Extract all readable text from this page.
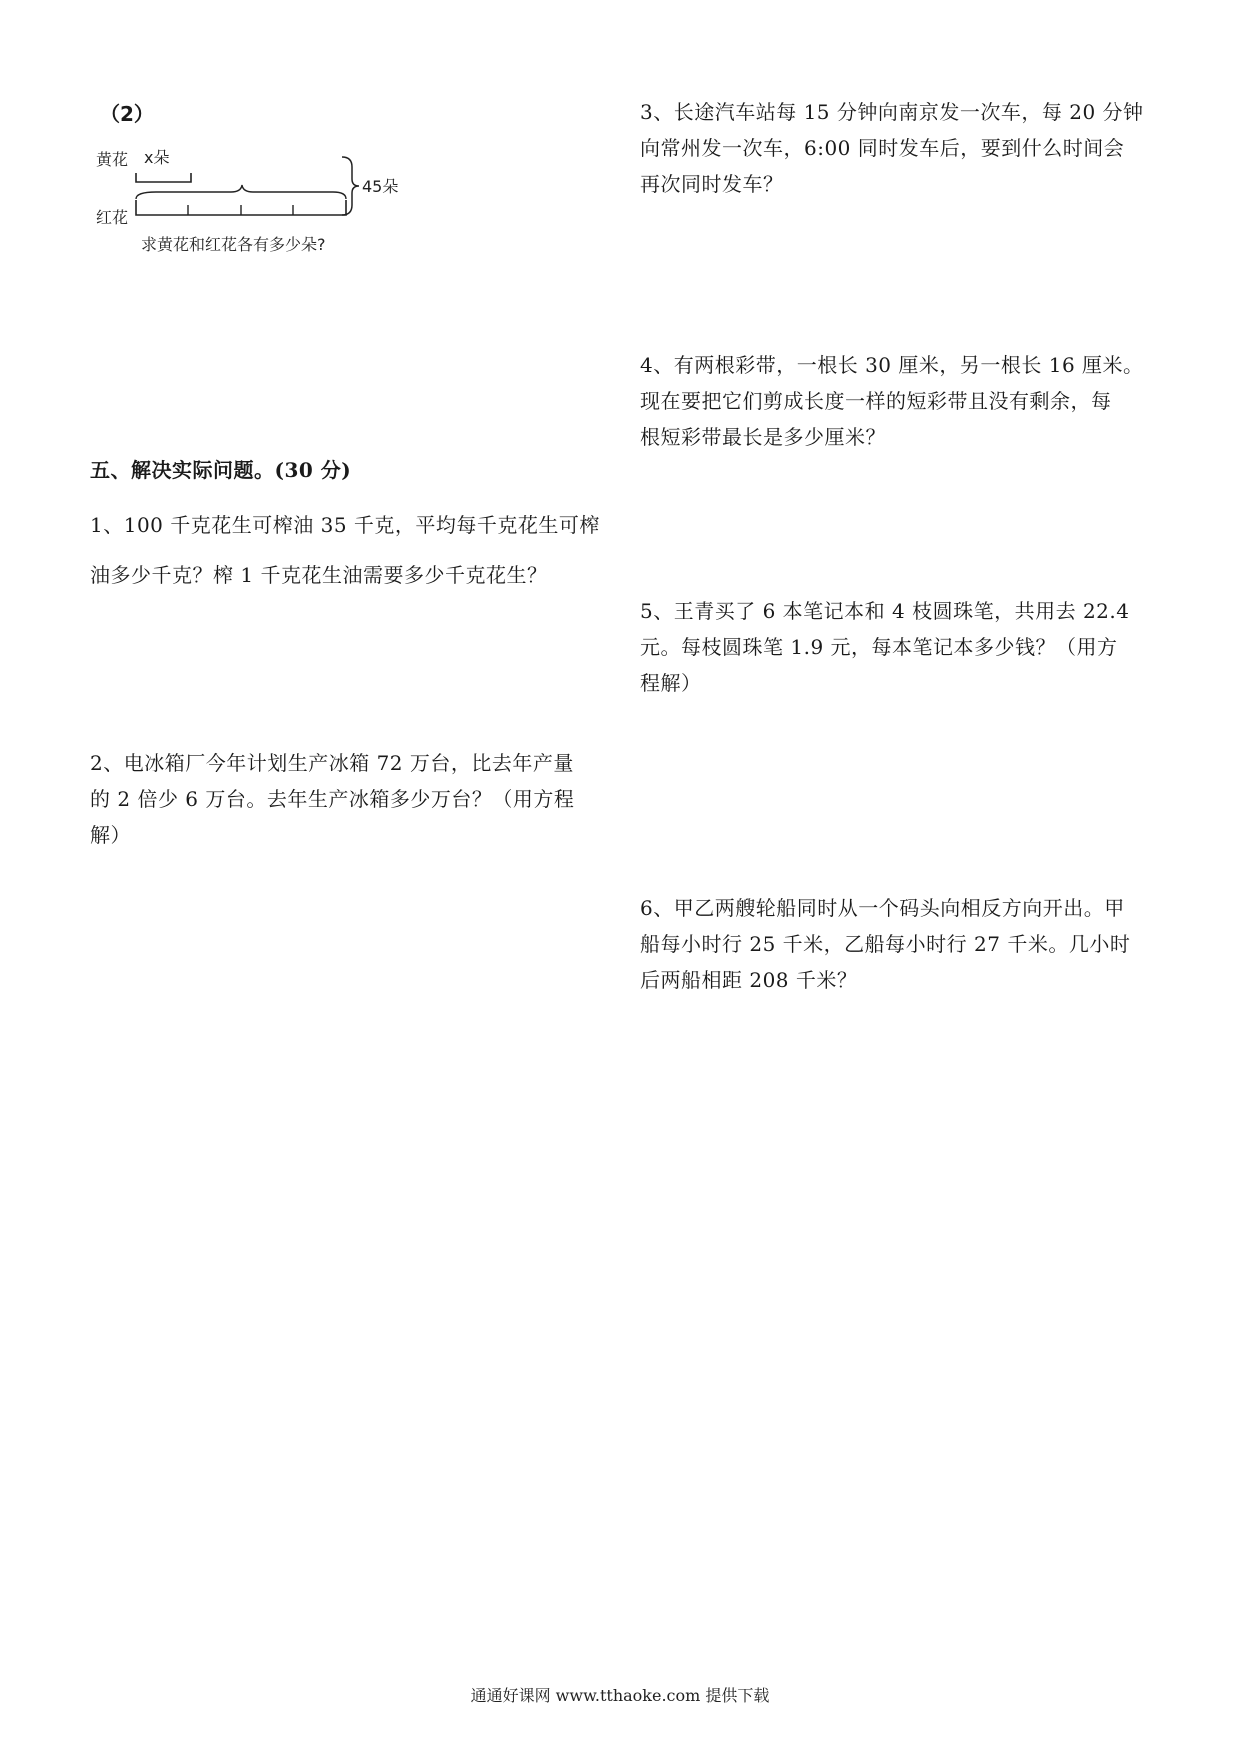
（2）
黄花 x朵
45朵
红花
求黄花和红花各有多少朵?
五、解决实际问题。(30 分)
1、100 千克花生可榨油 35 千克，平均每千克花生可榨
油多少千克？榨 1 千克花生油需要多少千克花生？
2、电冰箱厂今年计划生产冰箱 72 万台，比去年产量
的 2 倍少 6 万台。去年生产冰箱多少万台？（用方程
解）
3、长途汽车站每 15 分钟向南京发一次车，每 20 分钟
向常州发一次车，6:00 同时发车后，要到什么时间会
再次同时发车？
4、有两根彩带，一根长 30 厘米，另一根长 16 厘米。
现在要把它们剪成长度一样的短彩带且没有剩余，每
根短彩带最长是多少厘米？
5、王青买了 6 本笔记本和 4 枝圆珠笔，共用去 22.4
元。每枝圆珠笔 1.9 元，每本笔记本多少钱？（用方
程解）
6、甲乙两艘轮船同时从一个码头向相反方向开出。甲
船每小时行 25 千米，乙船每小时行 27 千米。几小时
后两船相距 208 千米？
通通好课网 www.tthaoke.com 提供下载
